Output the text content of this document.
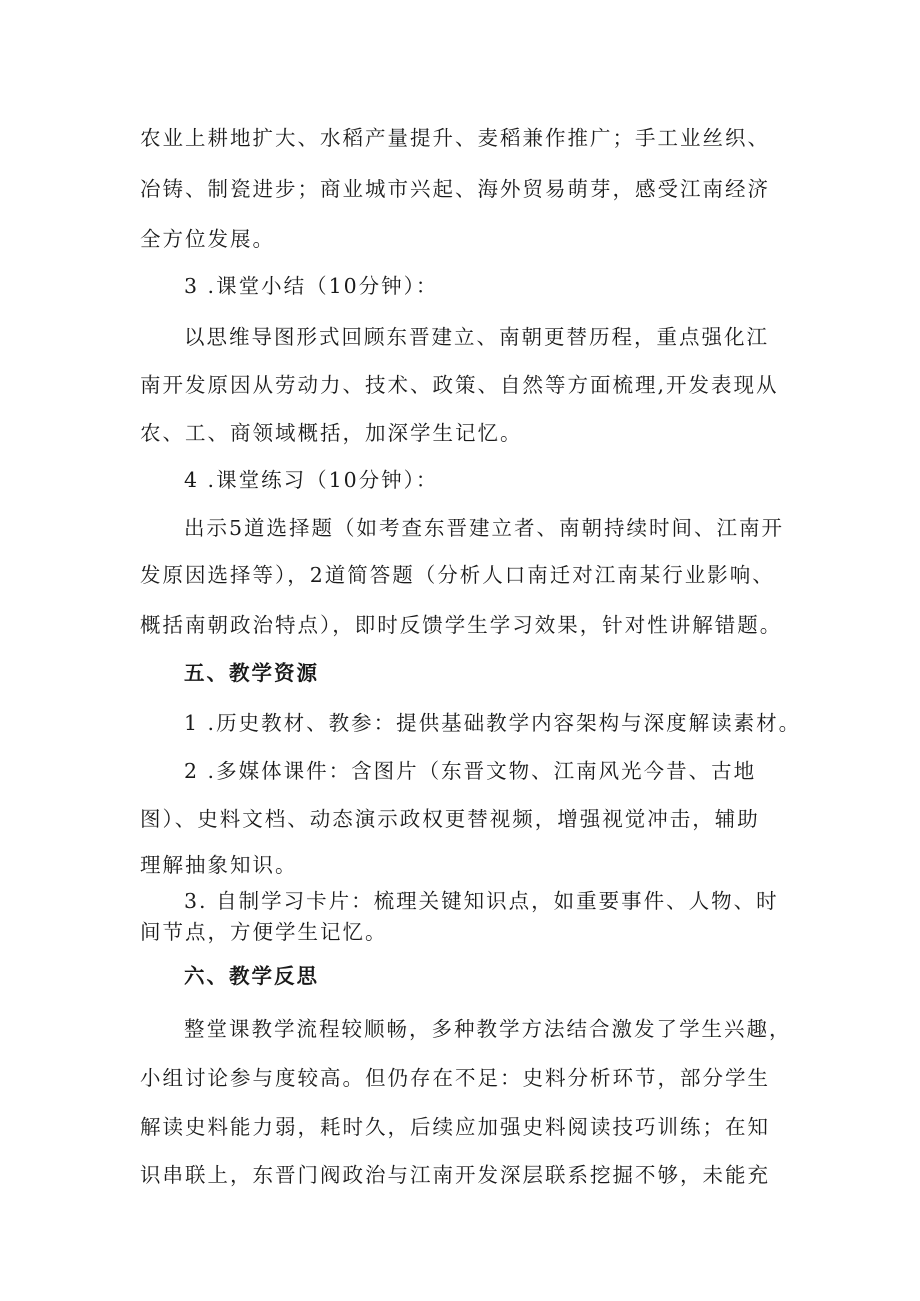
农业上耕地扩大、水稻产量提升、麦稻兼作推广；手工业丝织、
冶铸、制瓷进步；商业城市兴起、海外贸易萌芽，感受江南经济
全方位发展。
3 .课堂小结（10分钟）：
以思维导图形式回顾东晋建立、南朝更替历程，重点强化江
南开发原因从劳动力、技术、政策、自然等方面梳理,开发表现从
农、工、商领域概括，加深学生记忆。
4 .课堂练习（10分钟）：
出示5道选择题（如考查东晋建立者、南朝持续时间、江南开
发原因选择等），2道简答题（分析人口南迁对江南某行业影响、
概括南朝政治特点），即时反馈学生学习效果，针对性讲解错题。
五、教学资源
1 .历史教材、教参：提供基础教学内容架构与深度解读素材。
2 .多媒体课件：含图片（东晋文物、江南风光今昔、古地
图）、史料文档、动态演示政权更替视频，增强视觉冲击，辅助
理解抽象知识。
3. 自制学习卡片：梳理关键知识点，如重要事件、人物、时
间节点，方便学生记忆。
六、教学反思
整堂课教学流程较顺畅，多种教学方法结合激发了学生兴趣，
小组讨论参与度较高。但仍存在不足：史料分析环节，部分学生
解读史料能力弱，耗时久，后续应加强史料阅读技巧训练；在知
识串联上，东晋门阀政治与江南开发深层联系挖掘不够，未能充
